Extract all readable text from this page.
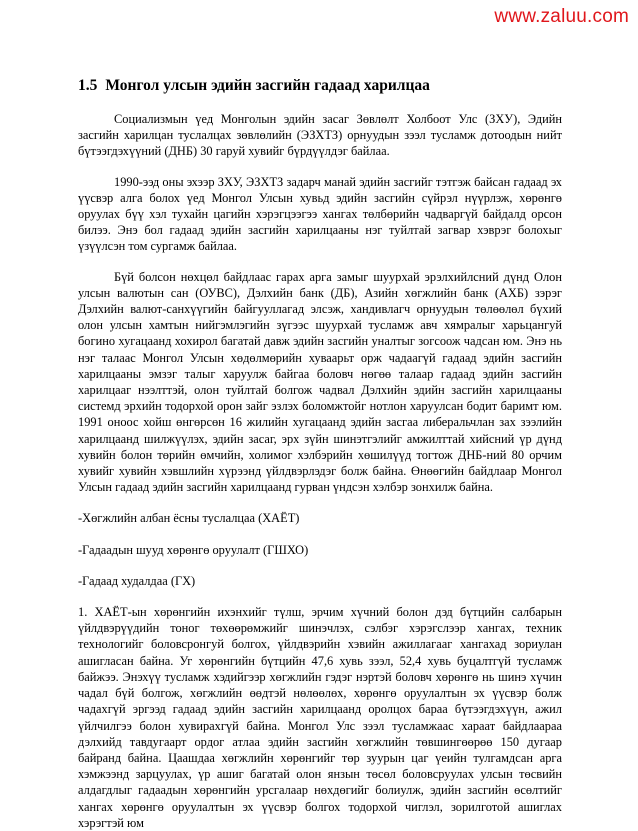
www.zaluu.com
1.5 Монгол улсын эдийн засгийн гадаад харилцаа

Социализмын үед Монголын эдийн засаг Зөвлөлт Холбоот Улс (ЗХУ), Эдийн засгийн харилцан туслалцах зөвлөлийн (ЭЗХТЗ) орнуудын зээл тусламж дотоодын нийт бүтээгдэхүүний (ДНБ) 30 гаруй хувийг бүрдүүлдэг байлаа.

1990-ээд оны эхээр ЗХУ, ЭЗХТЗ задарч манай эдийн засгийг тэтгэж байсан гадаад эх үүсвэр алга болох үед Монгол Улсын хувьд эдийн засгийн сүйрэл нүүрлэж, хөрөнгө оруулах бүү хэл тухайн цагийн хэрэгцээгээ хангах төлбөрийн чадваргүй байдалд орсон билээ. Энэ бол гадаад эдийн засгийн харилцааны нэг туйлтай загвар хэврэг болохыг үзүүлсэн том сургамж байлаа.

Бүй болсон нөхцөл байдлаас гарах арга замыг шуурхай эрэлхийлсний дүнд Олон улсын валютын сан (ОУВС), Дэлхийн банк (ДБ), Азийн хөгжлийн банк (АХБ) зэрэг Дэлхийн валют-санхүүгийн байгууллагад элсэж, хандивлагч орнуудын төлөөлөл бүхий олон улсын хамтын нийгэмлэгийн зүгээс шуурхай тусламж авч хямралыг харьцангуй богино хугацаанд хохирол багатай давж эдийн засгийн уналтыг зогсоож чадсан юм. Энэ нь нэг талаас Монгол Улсын хөдөлмөрийн хуваарьт орж чадаагүй гадаад эдийн засгийн харилцааны эмзэг талыг харуулж байгаа боловч нөгөө талаар гадаад эдийн засгийн харилцааг нээлттэй, олон туйлтай болгож чадвал Дэлхийн эдийн засгийн харилцааны системд эрхийн тодорхой орон зайг эзлэх боломжтойг нотлон харуулсан бодит баримт юм. 1991 оноос хойш өнгөрсөн 16 жилийн хугацаанд эдийн засгаа либеральчлан зах зээлийн харилцаанд шилжүүлэх, эдийн засаг, эрх зүйн шинэтгэлийг амжилттай хийсний үр дүнд хувийн болон төрийн өмчийн, холимог хэлбэрийн хөшилүүд тогтож ДНБ-ний 80 орчим хувийг хувийн хэвшлийн хүрээнд үйлдвэрлэдэг болж байна. Өнөөгийн байдлаар Монгол Улсын гадаад эдийн засгийн харилцаанд гурван үндсэн хэлбэр зонхилж байна.

-Хөгжлийн албан ёсны туслалцаа (ХАЁТ)

-Гадаадын шууд хөрөнгө оруулалт (ГШХО)

-Гадаад худалдаа (ГХ)

1. ХАЁТ-ын хөрөнгийн ихэнхийг түлш, эрчим хүчний болон дэд бүтцийн салбарын үйлдвэрүүдийн тоног төхөөрөмжийг шинэчлэх, сэлбэг хэрэгслээр хангах, техник технологийг боловсронгуй болгох, үйлдвэрийн хэвийн ажиллагааг хангахад зориулан ашигласан байна. Уг хөрөнгийн бүтцийн 47,6 хувь зээл, 52,4 хувь буцалтгүй тусламж байжээ. Энэхүү тусламж хэдийгээр хөгжлийн гэдэг нэртэй боловч хөрөнгө нь шинэ хүчин чадал бүй болгож, хөгжлийн өөдтэй нөлөөлөх, хөрөнгө оруулалтын эх үүсвэр болж чадахгүй эргээд гадаад эдийн засгийн харилцаанд оролцох бараа бүтээгдэхүүн, ажил үйлчилгээ болон хувирахгүй байна. Монгол Улс зээл тусламжаас хараат байдлаараа дэлхийд тавдугаарт ордог атлаа эдийн засгийн хөгжлийн төвшингөөрөө 150 дугаар байранд байна. Цаашдаа хөгжлийн хөрөнгийг төр зуурын цаг үеийн тулгамдсан арга хэмжээнд зарцуулах, үр ашиг багатай олон янзын төсөл боловсруулах улсын төсвийн алдагдлыг гадаадын хөрөнгийн урсгалаар нөхдөгийг болиулж, эдийн засгийн өсөлтийг хангах хөрөнгө оруулалтын эх үүсвэр болгох тодорхой чиглэл, зорилготой ашиглах хэрэгтэй юм
